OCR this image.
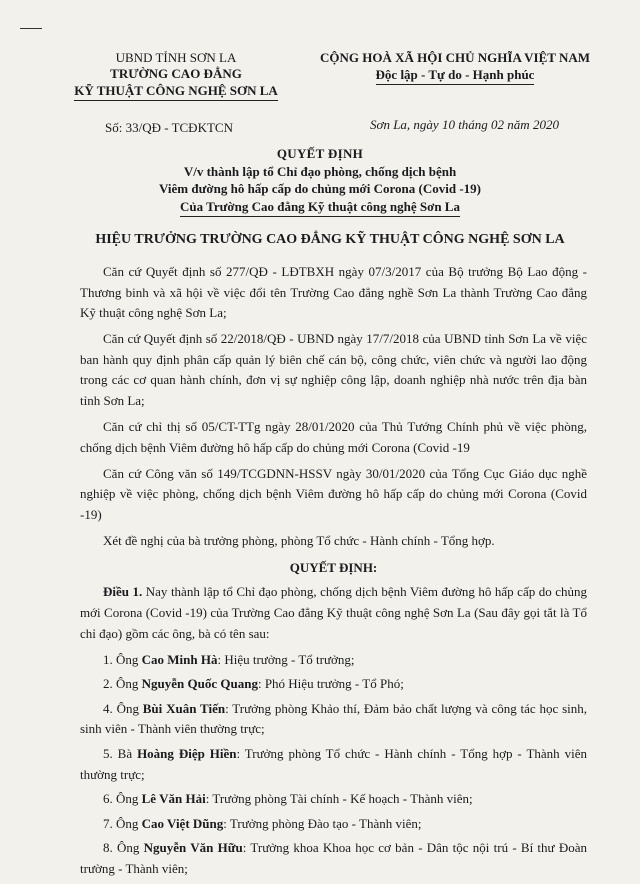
UBND TỈNH SƠN LA
TRƯỜNG CAO ĐẲNG
KỸ THUẬT CÔNG NGHỆ SƠN LA
CỘNG HOÀ XÃ HỘI CHỦ NGHĨA VIỆT NAM
Độc lập - Tự do - Hạnh phúc
Số: 33/QĐ - TCĐKTCN	Sơn La, ngày 10 tháng 02 năm 2020
QUYẾT ĐỊNH
V/v thành lập tổ Chỉ đạo phòng, chống dịch bệnh
Viêm đường hô hấp cấp do chủng mới Corona (Covid -19)
Của Trường Cao đẳng Kỹ thuật công nghệ Sơn La
HIỆU TRƯỞNG TRƯỜNG CAO ĐẲNG KỸ THUẬT CÔNG NGHỆ SƠN LA

Căn cứ Quyết định số 277/QĐ - LĐTBXH ngày 07/3/2017 của Bộ trưởng Bộ Lao động - Thương binh và xã hội về việc đổi tên Trường Cao đẳng nghề Sơn La thành Trường Cao đẳng Kỹ thuật công nghệ Sơn La;

Căn cứ Quyết định số 22/2018/QĐ - UBND ngày 17/7/2018 của UBND tỉnh Sơn La về việc ban hành quy định phân cấp quản lý biên chế cán bộ, công chức, viên chức và người lao động trong các cơ quan hành chính, đơn vị sự nghiệp công lập, doanh nghiệp nhà nước trên địa bàn tỉnh Sơn La;

Căn cứ chỉ thị số 05/CT-TTg ngày 28/01/2020 của Thủ Tướng Chính phủ về việc phòng, chống dịch bệnh Viêm đường hô hấp cấp do chủng mới Corona (Covid -19

Căn cứ Công văn số 149/TCGDNN-HSSV ngày 30/01/2020 của Tổng Cục Giáo dục nghề nghiệp về việc phòng, chống dịch bệnh Viêm đường hô hấp cấp do chủng mới Corona (Covid -19)

Xét đề nghị của bà trưởng phòng, phòng Tổ chức - Hành chính - Tổng hợp.

QUYẾT ĐỊNH:

Điều 1. Nay thành lập tổ Chỉ đạo phòng, chống dịch bệnh Viêm đường hô hấp cấp do chủng mới Corona (Covid -19) của Trường Cao đẳng Kỹ thuật công nghệ Sơn La (Sau đây gọi tắt là Tổ chỉ đạo) gồm các ông, bà có tên sau:

1. Ông Cao Minh Hà: Hiệu trưởng - Tổ trưởng;

2. Ông Nguyễn Quốc Quang: Phó Hiệu trưởng - Tổ Phó;

4. Ông Bùi Xuân Tiến: Trưởng phòng Khảo thí, Đảm bảo chất lượng và công tác học sinh, sinh viên - Thành viên thường trực;

5. Bà Hoàng Điệp Hiền: Trưởng phòng Tổ chức - Hành chính - Tổng hợp - Thành viên thường trực;

6. Ông Lê Văn Hải: Trưởng phòng Tài chính - Kế hoạch - Thành viên;

7. Ông Cao Việt Dũng: Trưởng phòng Đào tạo - Thành viên;

8. Ông Nguyễn Văn Hữu: Trưởng khoa Khoa học cơ bản - Dân tộc nội trú - Bí thư Đoàn trường - Thành viên;
